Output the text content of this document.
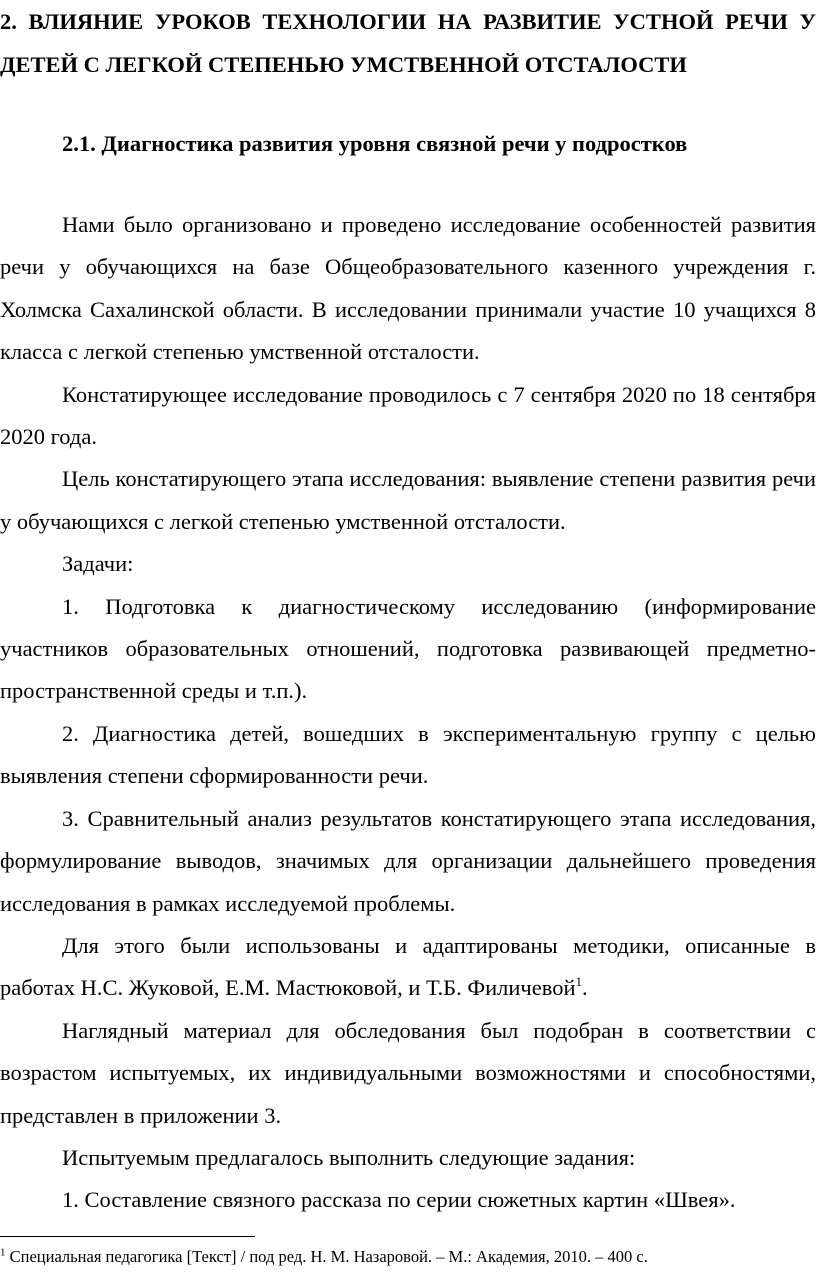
2. ВЛИЯНИЕ УРОКОВ ТЕХНОЛОГИИ НА РАЗВИТИЕ УСТНОЙ РЕЧИ У ДЕТЕЙ С ЛЕГКОЙ СТЕПЕНЬЮ УМСТВЕННОЙ ОТСТАЛОСТИ
2.1. Диагностика развития уровня связной речи у подростков

Нами было организовано и проведено исследование особенностей развития речи у обучающихся на базе Общеобразовательного казенного учреждения г. Холмска Сахалинской области. В исследовании принимали участие 10 учащихся 8 класса с легкой степенью умственной отсталости.

Констатирующее исследование проводилось с 7 сентября 2020 по 18 сентября 2020 года.

Цель констатирующего этапа исследования: выявление степени развития речи у обучающихся с легкой степенью умственной отсталости.

Задачи:

1. Подготовка к диагностическому исследованию (информирование участников образовательных отношений, подготовка развивающей предметно-пространственной среды и т.п.).

2. Диагностика детей, вошедших в экспериментальную группу с целью выявления степени сформированности речи.

3. Сравнительный анализ результатов констатирующего этапа исследования, формулирование выводов, значимых для организации дальнейшего проведения исследования в рамках исследуемой проблемы.

Для этого были использованы и адаптированы методики, описанные в работах Н.С. Жуковой, Е.М. Мастюковой, и Т.Б. Филичевой$^1$.

Наглядный материал для обследования был подобран в соответствии с возрастом испытуемых, их индивидуальными возможностями и способностями, представлен в приложении 3.

Испытуемым предлагалось выполнить следующие задания:

1. Составление связного рассказа по серии сюжетных картин «Швея».

$^1$ Специальная педагогика [Текст] / под ред. Н. М. Назаровой. – М.: Академия, 2010. – 400 с.
